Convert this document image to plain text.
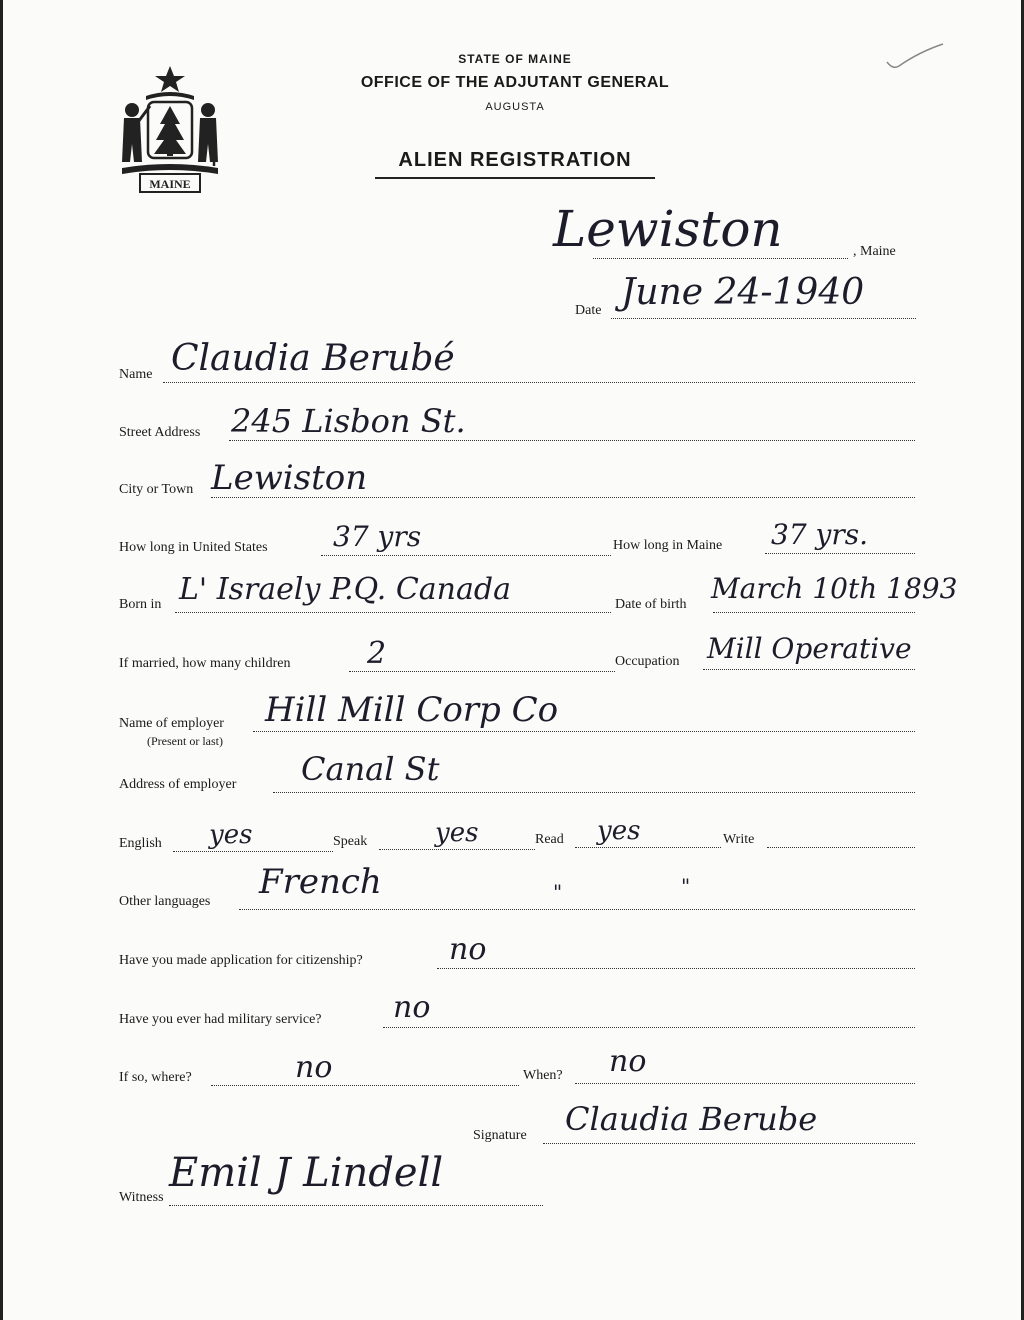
MAINE
STATE OF MAINE
OFFICE OF THE ADJUTANT GENERAL
AUGUSTA
ALIEN REGISTRATION
Lewiston	, Maine
Date June 24-1940
Name Claudia Berubé
Street Address 245 Lisbon St.
City or Town Lewiston
How long in United States 37 yrs	How long in Maine 37 yrs.
Born in L' Israely P.Q. Canada	Date of birth March 10th 1893
If married, how many children	2	Occupation Mill Operative
Name of employer
(Present or last)
Hill Mill Corp Co
Address of employer Canal St
English yes	Speak	yes	Read yes	Write
Other languages French	"	"
Have you made application for citizenship?	no
Have you ever had military service? no
If so, where?	no	When? no
Signature Claudia Berube
Witness
Emil J Lindell
